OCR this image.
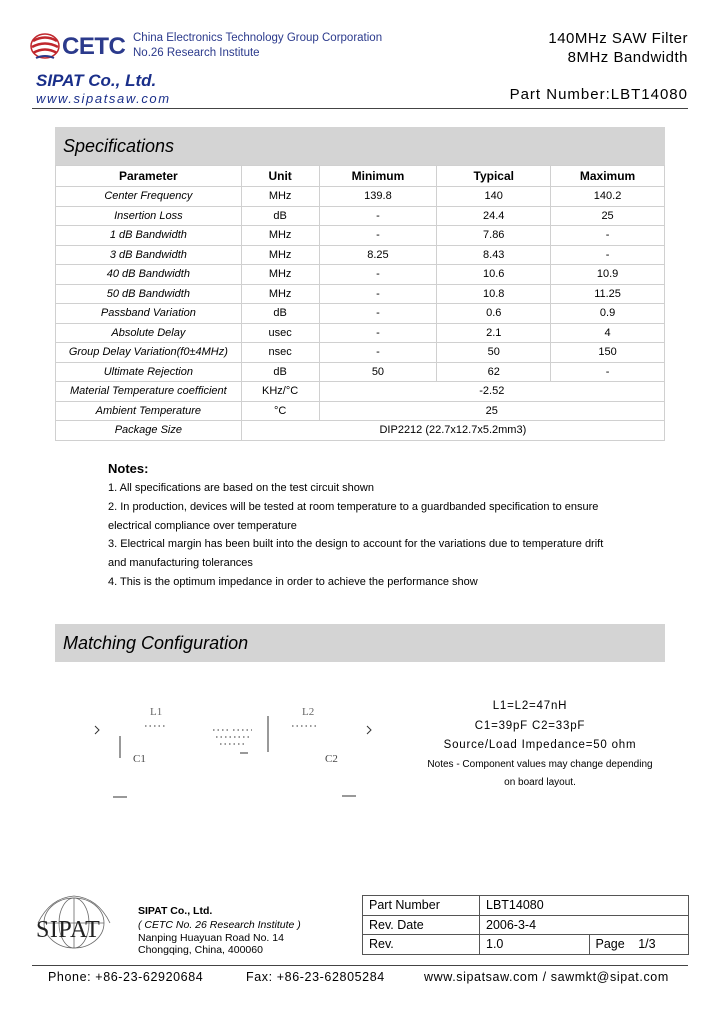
CETC China Electronics Technology Group Corporation
No.26 Research Institute
140MHz SAW Filter
8MHz Bandwidth
SIPAT Co., Ltd.
www.sipatsaw.com	Part Number:LBT14080
Specifications
Parameter	Unit	Minimum	Typical	Maximum
Center Frequency	MHz	139.8	140	140.2
Insertion Loss	dB	-	24.4	25
1 dB Bandwidth	MHz	-	7.86	-
3 dB Bandwidth	MHz	8.25	8.43	-
40 dB Bandwidth	MHz	-	10.6	10.9
50 dB Bandwidth	MHz	-	10.8	11.25
Passband Variation	dB	-	0.6	0.9
Absolute Delay	usec	-	2.1	4
Group Delay Variation(f0±4MHz)	nsec	-	50	150
Ultimate Rejection	dB	50	62	-
Material Temperature coefficient	KHz/°C	-2.52		
Ambient Temperature	°C	25		
Package Size	DIP2212 (22.7x12.7x5.2mm3)			
Notes:
1. All specifications are based on the test circuit shown
2. In production, devices will be tested at room temperature to a guardbanded specification to ensure
electrical compliance over temperature
3. Electrical margin has been built into the design to account for the variations due to temperature drift
and manufacturing tolerances
4. This is the optimum impedance in order to achieve the performance show
Matching Configuration
L1	L2
C1	C2
L1=L2=47nH
C1=39pF C2=33pF
Source/Load Impedance=50 ohm
Notes - Component values may change depending
on board layout.
SIPAT
SIPAT Co., Ltd.
( CETC No. 26 Research Institute )
Nanping Huayuan Road No. 14
Chongqing, China, 400060
Part Number	LBT14080	
Rev. Date	2006-3-4	
Rev.	1.0	Page 1/3
Phone: +86-23-62920684	Fax: +86-23-62805284	www.sipatsaw.com / sawmkt@sipat.com
